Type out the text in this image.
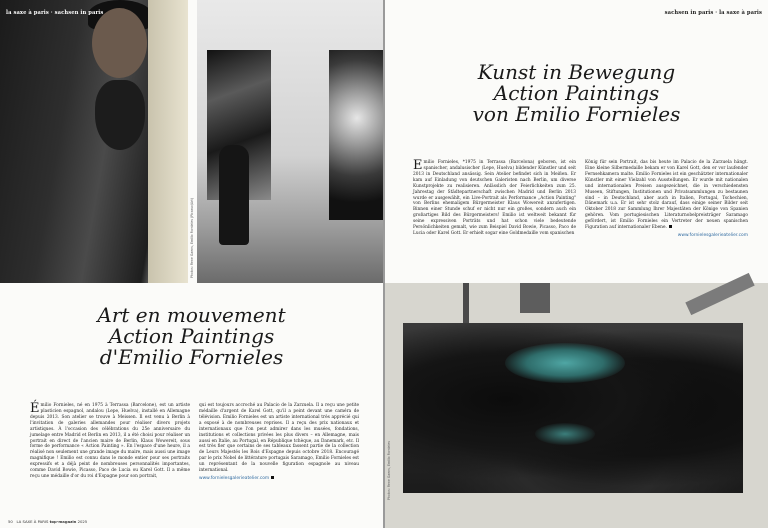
la saxe à paris · sachsen in paris
Photos: Rene Gaens, Emilio Fornieles (Picasso/Art)
Art en mouvement
Action Paintings
d'Emilio Fornieles
Émilio Fornieles, né en 1975 à Terrassa (Barcelone), est un artiste plasticien espagnol, andalou (Lepe, Huelva), installé en Allemagne depuis 2013. Son atelier se trouve à Meissen. Il est venu à Berlin à l'invitation de galeries allemandes pour réaliser divers projets artistiques. À l'occasion des célébrations du 25e anniversaire du jumelage entre Madrid et Berlin en 2013, il a été choisi pour réaliser un portrait en direct de l'ancien maire de Berlin, Klaus Wowereit, sous forme de performance « Action Painting ». En l'espace d'une heure, il a réalisé non seulement une grande image du maire, mais aussi une image magnifique ! Emilio est connu dans le monde entier pour ses portraits expressifs et a déjà peint de nombreuses personnalités importantes, comme David Bowie, Picasso, Paco de Lucia ou Karel Gott. Il a même reçu une médaille d'or du roi d'Espagne pour son portrait,
qui est toujours accroché au Palacio de la Zarzuela. Il a reçu une petite médaille d'argent de Karel Gott, qu'il a peint devant une caméra de télévision. Emilio Fornieles est un artiste international très apprécié qui a exposé à de nombreuses reprises. Il a reçu des prix nationaux et internationaux que l'on peut admirer dans les musées, fondations, institutions et collections privées les plus divers – en Allemagne, mais aussi en Italie, au Portugal, en République tchèque, au Danemark, etc. Il est très fier que certains de ses tableaux fassent partie de la collection de Leurs Majestés les Rois d'Espagne depuis octobre 2018. Encouragé par le prix Nobel de littérature portugais Saramago, Emilio Fornieles est un représentant de la nouvelle figuration espagnole au niveau international.
www.fornielesgalerieatelier.com
50 LA SAXE À PARIS top-magazin 2025
sachsen in paris · la saxe à paris
Kunst in Bewegung
Action Paintings
von Emilio Fornieles
Emilio Fornieles, *1975 in Terrassa (Barcelona) geboren, ist ein spanischer, andalusischer (Lepe, Huelva) bildender Künstler und seit 2013 in Deutschland ansässig. Sein Atelier befindet sich in Meißen. Er kam auf Einladung von deutschen Galeristen nach Berlin, um diverse Kunstprojekte zu realisieren. Anlässlich der Feierlichkeiten zum 25. Jahrestag der Städtepartnerschaft zwischen Madrid und Berlin 2013 wurde er ausgewählt, ein Live-Portrait als Performance „Action Painting" von Berlins ehemaligem Bürgermeister Klaus Wowereit anzufertigen. Binnen einer Stunde schuf er nicht nur ein großes, sondern auch ein großartiges Bild des Bürgermeisters! Emilio ist weltweit bekannt für seine expressiven Porträts und hat schon viele bedeutende Persönlichkeiten gemalt, wie zum Beispiel David Bowie, Picasso, Paco de Lucia oder Karel Gott. Er erhielt sogar eine Goldmedaille vom spanischen
König für sein Portrait, das bis heute im Palacio de la Zarzuela hängt. Eine kleine Silbermedaille bekam er von Karel Gott, den er vor laufender Fernsehkamera malte. Emilio Fornieles ist ein geschätzter internationaler Künstler mit einer Vielzahl von Ausstellungen. Er wurde mit nationalen und internationalen Preisen ausgezeichnet, die in verschiedensten Museen, Stiftungen, Institutionen und Privatsammlungen zu bestaunen sind – in Deutschland, aber auch in Italien, Portugal, Tschechien, Dänemark u.a. Er ist sehr stolz darauf, dass einige seiner Bilder seit Oktober 2018 zur Sammlung Ihrer Majestäten der Könige von Spanien gehören. Vom portugiesischen Literaturnobelpreisträger Saramago gefördert, ist Emilio Fornieles ein Vertreter der neuen spanischen Figuration auf internationaler Ebene.
www.fornielesgalerieatelier.com
Photos: Rene Gaens, Emilio Fornieles
